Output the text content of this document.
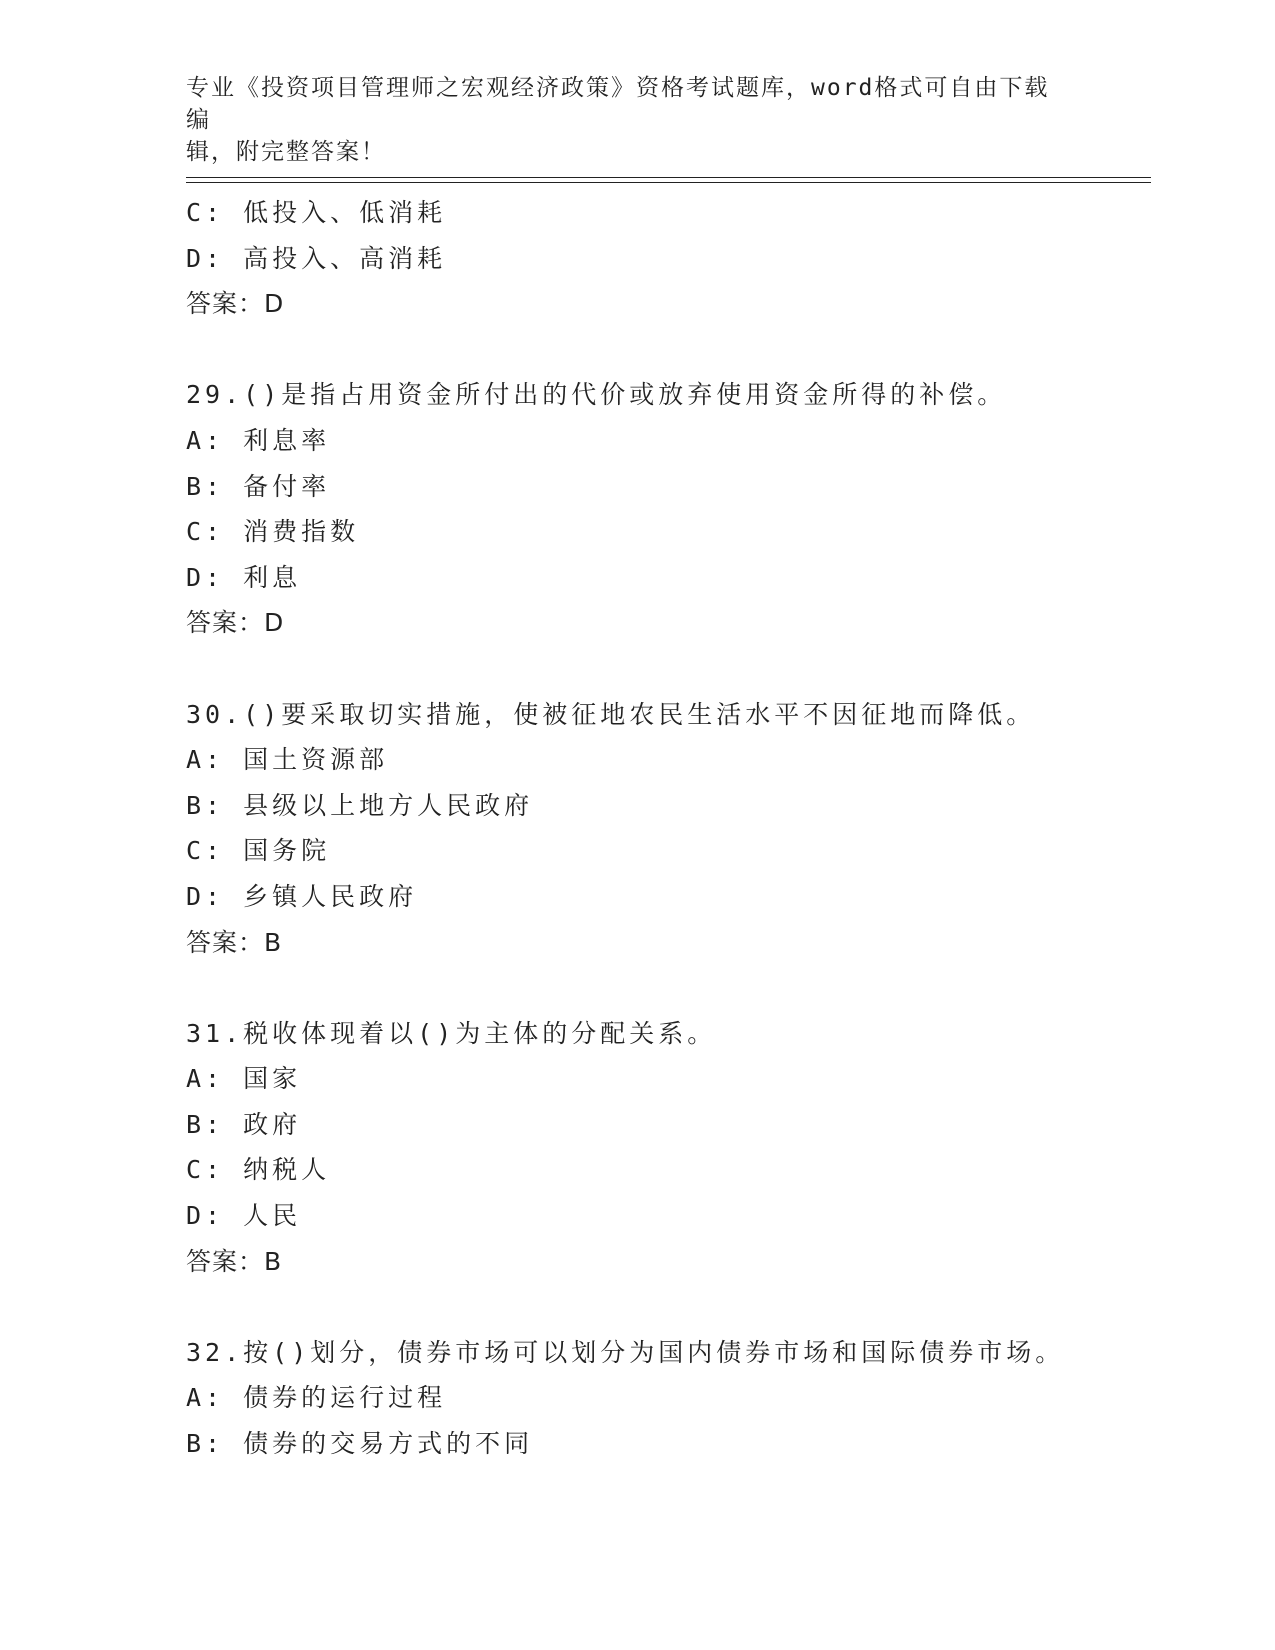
专业《投资项目管理师之宏观经济政策》资格考试题库，word格式可自由下载编
辑，附完整答案！
C: 低投入、低消耗
D: 高投入、高消耗
答案：D
29.()是指占用资金所付出的代价或放弃使用资金所得的补偿。
A: 利息率
B: 备付率
C: 消费指数
D: 利息
答案：D
30.()要采取切实措施，使被征地农民生活水平不因征地而降低。
A: 国土资源部
B: 县级以上地方人民政府
C: 国务院
D: 乡镇人民政府
答案：B
31.税收体现着以()为主体的分配关系。
A: 国家
B: 政府
C: 纳税人
D: 人民
答案：B
32.按()划分，债券市场可以划分为国内债券市场和国际债券市场。
A: 债券的运行过程
B: 债券的交易方式的不同
